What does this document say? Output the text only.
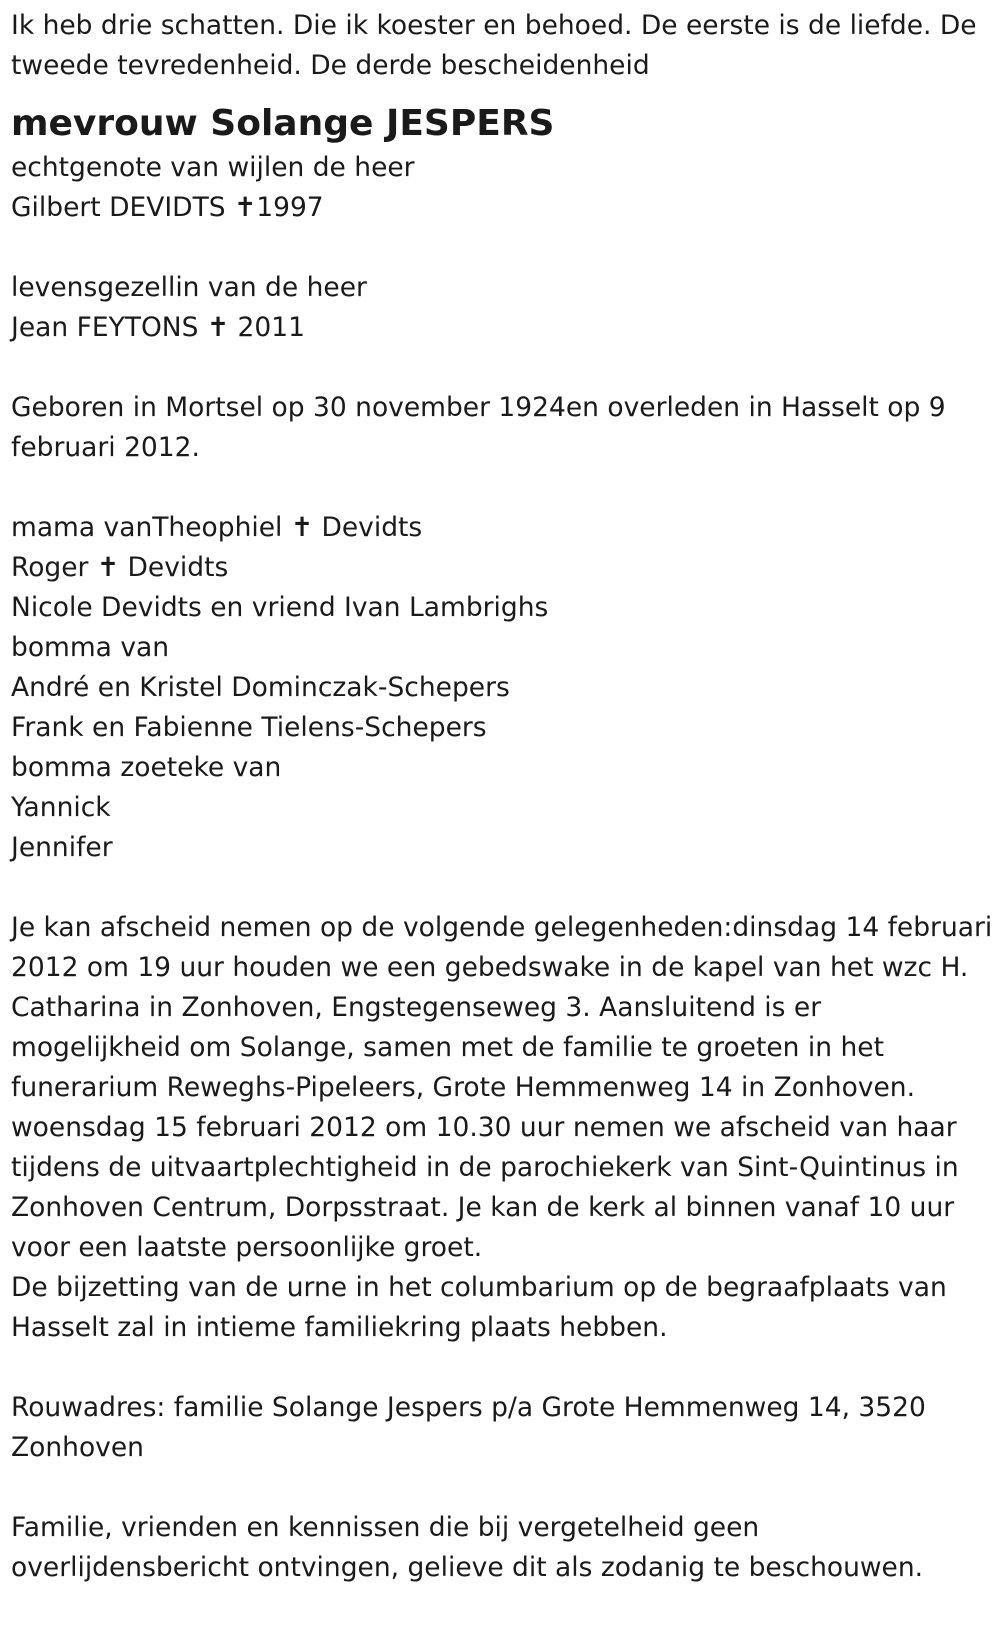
Ik heb drie schatten. Die ik koester en behoed. De eerste is de liefde. De

tweede tevredenheid. De derde bescheidenheid

mevrouw Solange JESPERS

echtgenote van wijlen de heer

Gilbert DEVIDTS ✝1997

levensgezellin van de heer

Jean FEYTONS ✝ 2011

Geboren in Mortsel op 30 november 1924en overleden in Hasselt op 9

februari 2012.

mama vanTheophiel ✝ Devidts

Roger ✝ Devidts

Nicole Devidts en vriend Ivan Lambrighs

bomma van

André en Kristel Dominczak-Schepers

Frank en Fabienne Tielens-Schepers

bomma zoeteke van

Yannick

Jennifer

Je kan afscheid nemen op de volgende gelegenheden:dinsdag 14 februari

2012 om 19 uur houden we een gebedswake in de kapel van het wzc H.

Catharina in Zonhoven, Engstegenseweg 3. Aansluitend is er

mogelijkheid om Solange, samen met de familie te groeten in het

funerarium Reweghs-Pipeleers, Grote Hemmenweg 14 in Zonhoven.

woensdag 15 februari 2012 om 10.30 uur nemen we afscheid van haar

tijdens de uitvaartplechtigheid in de parochiekerk van Sint-Quintinus in

Zonhoven Centrum, Dorpsstraat. Je kan de kerk al binnen vanaf 10 uur

voor een laatste persoonlijke groet.

De bijzetting van de urne in het columbarium op de begraafplaats van

Hasselt zal in intieme familiekring plaats hebben.

Rouwadres: familie Solange Jespers p/a Grote Hemmenweg 14, 3520

Zonhoven

Familie, vrienden en kennissen die bij vergetelheid geen

overlijdensbericht ontvingen, gelieve dit als zodanig te beschouwen.
